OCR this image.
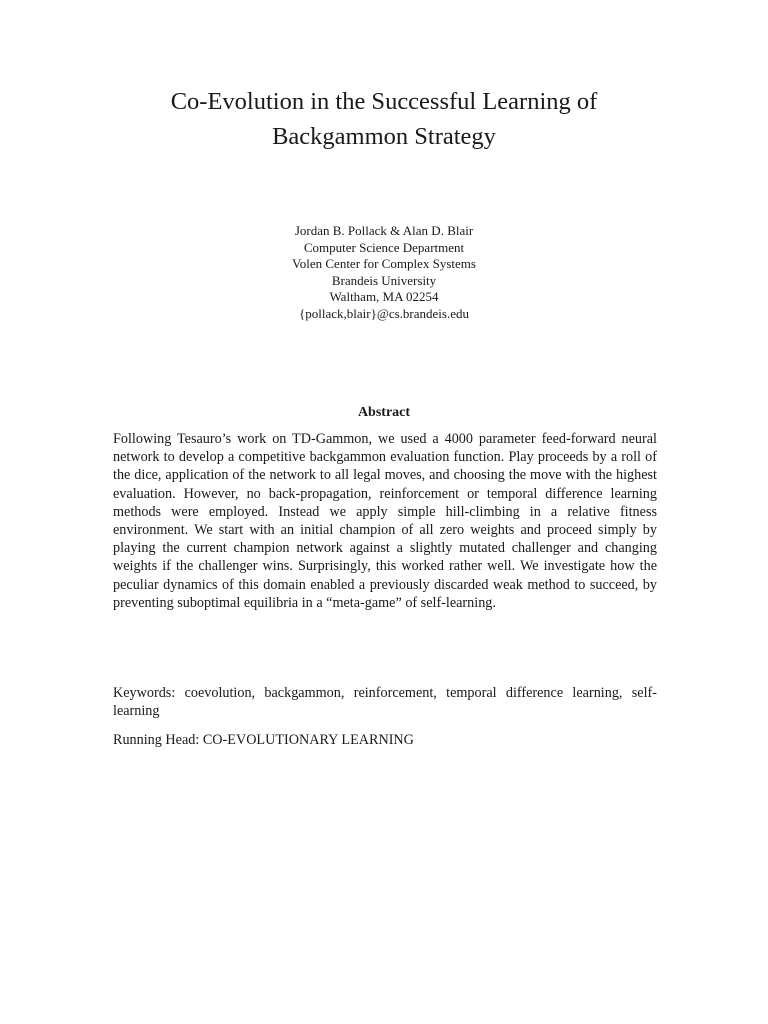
Co-Evolution in the Successful Learning of
Backgammon Strategy
Jordan B. Pollack & Alan D. Blair
Computer Science Department
Volen Center for Complex Systems
Brandeis University
Waltham, MA 02254
{pollack,blair}@cs.brandeis.edu
Abstract

Following Tesauro’s work on TD-Gammon, we used a 4000 parameter feed-forward neural network to develop a competitive backgammon evaluation function. Play proceeds by a roll of the dice, application of the network to all legal moves, and choosing the move with the highest evaluation. However, no back-propagation, reinforcement or temporal difference learning methods were employed. Instead we apply simple hill-climbing in a relative fitness environment. We start with an initial champion of all zero weights and proceed simply by playing the current champion network against a slightly mutated challenger and changing weights if the challenger wins. Surprisingly, this worked rather well. We investigate how the peculiar dynamics of this domain enabled a previously discarded weak method to succeed, by preventing suboptimal equilibria in a “meta-game” of self-learning.

Keywords: coevolution, backgammon, reinforcement, temporal difference learning, self-learning

Running Head: CO-EVOLUTIONARY LEARNING
